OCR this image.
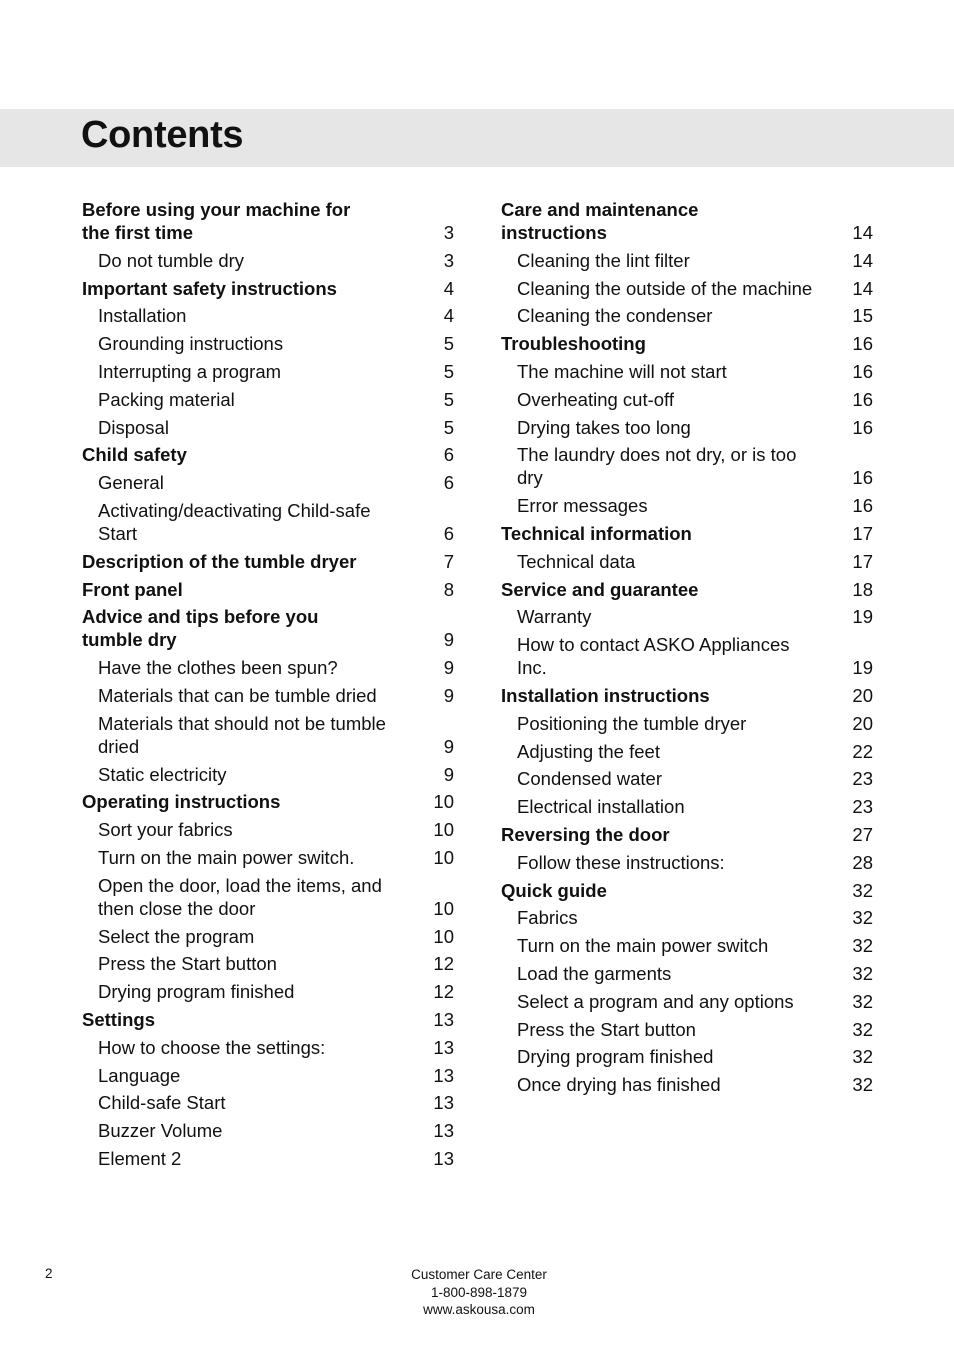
Contents
Before using your machine for the first time	3
Do not tumble dry	3
Important safety instructions	4
Installation	4
Grounding instructions	5
Interrupting a program	5
Packing material	5
Disposal	5
Child safety	6
General	6
Activating/deactivating Child-safe Start	6
Description of the tumble dryer	7
Front panel	8
Advice and tips before you tumble dry	9
Have the clothes been spun?	9
Materials that can be tumble dried	9
Materials that should not be tumble dried	9
Static electricity	9
Operating instructions	10
Sort your fabrics	10
Turn on the main power switch.	10
Open the door, load the items, and then close the door	10
Select the program	10
Press the Start button	12
Drying program finished	12
Settings	13
How to choose the settings:	13
Language	13
Child-safe Start	13
Buzzer Volume	13
Element 2	13
Care and maintenance instructions	14
Cleaning the lint filter	14
Cleaning the outside of the machine	14
Cleaning the condenser	15
Troubleshooting	16
The machine will not start	16
Overheating cut-off	16
Drying takes too long	16
The laundry does not dry, or is too dry	16
Error messages	16
Technical information	17
Technical data	17
Service and guarantee	18
Warranty	19
How to contact ASKO Appliances Inc.	19
Installation instructions	20
Positioning the tumble dryer	20
Adjusting the feet	22
Condensed water	23
Electrical installation	23
Reversing the door	27
Follow these instructions:	28
Quick guide	32
Fabrics	32
Turn on the main power switch	32
Load the garments	32
Select a program and any options	32
Press the Start button	32
Drying program finished	32
Once drying has finished	32
2	Customer Care Center
1-800-898-1879
www.askousa.com
